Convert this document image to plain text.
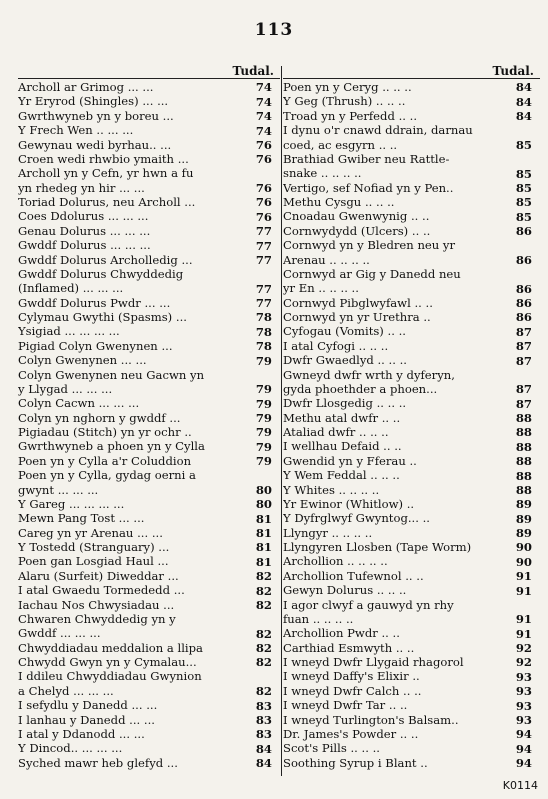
113
Tudal.
Archoll ar Grimog ... ...	74
Yr Eryrod (Shingles) ... ...	74
Gwrthwyneb yn y boreu ...	74
Y Frech Wen .. ... ...	74
Gewynau wedi byrhau.. ...	76
Croen wedi rhwbio ymaith ...	76
Archoll yn y Cefn, yr hwn a fu
yn rhedeg yn hir ... ...	76
Toriad Dolurus, neu Archoll ...	76
Coes Ddolurus ... ... ...	76
Genau Dolurus ... ... ...	77
Gwddf Dolurus ... ... ...	77
Gwddf Dolurus Archolledig ...	77
Gwddf Dolurus Chwyddedig
(Inflamed) ... ... ...	77
Gwddf Dolurus Pwdr ... ...	77
Cylymau Gwythi (Spasms) ...	78
Ysigiad ... ... ... ...	78
Pigiad Colyn Gwenynen ...	78
Colyn Gwenynen ... ...	79
Colyn Gwenynen neu Gacwn yn
y Llygad ... ... ...	79
Colyn Cacwn ... ... ...	79
Colyn yn nghorn y gwddf ...	79
Pigiadau (Stitch) yn yr ochr ..	79
Gwrthwyneb a phoen yn y Cylla	79
Poen yn y Cylla a'r Coluddion	79
Poen yn y Cylla, gydag oerni a
gwynt ... ... ...	80
Y Gareg ... ... ... ...	80
Mewn Pang Tost ... ...	81
Careg yn yr Arenau ... ...	81
Y Tostedd (Stranguary) ...	81
Poen gan Losgiad Haul ...	81
Alaru (Surfeit) Diweddar ...	82
I atal Gwaedu Tormededd ...	82
Iachau Nos Chwysiadau ...	82
Chwaren Chwyddedig yn y
Gwddf ... ... ...	82
Chwyddiadau meddalion a llipa	82
Chwydd Gwyn yn y Cymalau...	82
I ddileu Chwyddiadau Gwynion
a Chelyd ... ... ...	82
I sefydlu y Danedd ... ...	83
I lanhau y Danedd ... ...	83
I atal y Ddanodd ... ...	83
Y Dincod.. ... ... ...	84
Syched mawr heb glefyd ...	84
Tudal.
Poen yn y Ceryg .. .. ..	84
Y Geg (Thrush) .. .. ..	84
Troad yn y Perfedd .. ..	84
I dynu o'r cnawd ddrain, darnau
coed, ac esgyrn .. ..	85
Brathiad Gwiber neu Rattle-
snake .. .. .. ..	85
Vertigo, sef Nofiad yn y Pen..	85
Methu Cysgu .. .. ..	85
Cnoadau Gwenwynig .. ..	85
Cornwydydd (Ulcers) .. ..	86
Cornwyd yn y Bledren neu yr
Arenau .. .. .. ..	86
Cornwyd ar Gig y Danedd neu
yr En .. .. .. ..	86
Cornwyd Pibglwyfawl .. ..	86
Cornwyd yn yr Urethra ..	86
Cyfogau (Vomits) .. ..	87
I atal Cyfogi .. .. ..	87
Dwfr Gwaedlyd .. .. ..	87
Gwneyd dwfr wrth y dyferyn,
gyda phoethder a phoen...	87
Dwfr Llosgedig .. .. ..	87
Methu atal dwfr .. ..	88
Ataliad dwfr .. .. ..	88
I wellhau Defaid .. ..	88
Gwendid yn y Fferau ..	88
Y Wem Feddal .. .. ..	88
Y Whites .. .. .. ..	88
Yr Ewinor (Whitlow) ..	89
Y Dyfrglwyf Gwyntog... ..	89
Llyngyr .. .. .. ..	89
Llyngyren Llosben (Tape Worm)	90
Archollion .. .. .. ..	90
Archollion Tufewnol .. ..	91
Gewyn Dolurus .. .. ..	91
I agor clwyf a gauwyd yn rhy
fuan .. .. .. ..	91
Archollion Pwdr .. ..	91
Carthiad Esmwyth .. ..	92
I wneyd Dwfr Llygaid rhagorol	92
I wneyd Daffy's Elixir ..	93
I wneyd Dwfr Calch .. ..	93
I wneyd Dwfr Tar .. ..	93
I wneyd Turlington's Balsam..	93
Dr. James's Powder .. ..	94
Scot's Pills .. .. ..	94
Soothing Syrup i Blant ..	94
K0114
